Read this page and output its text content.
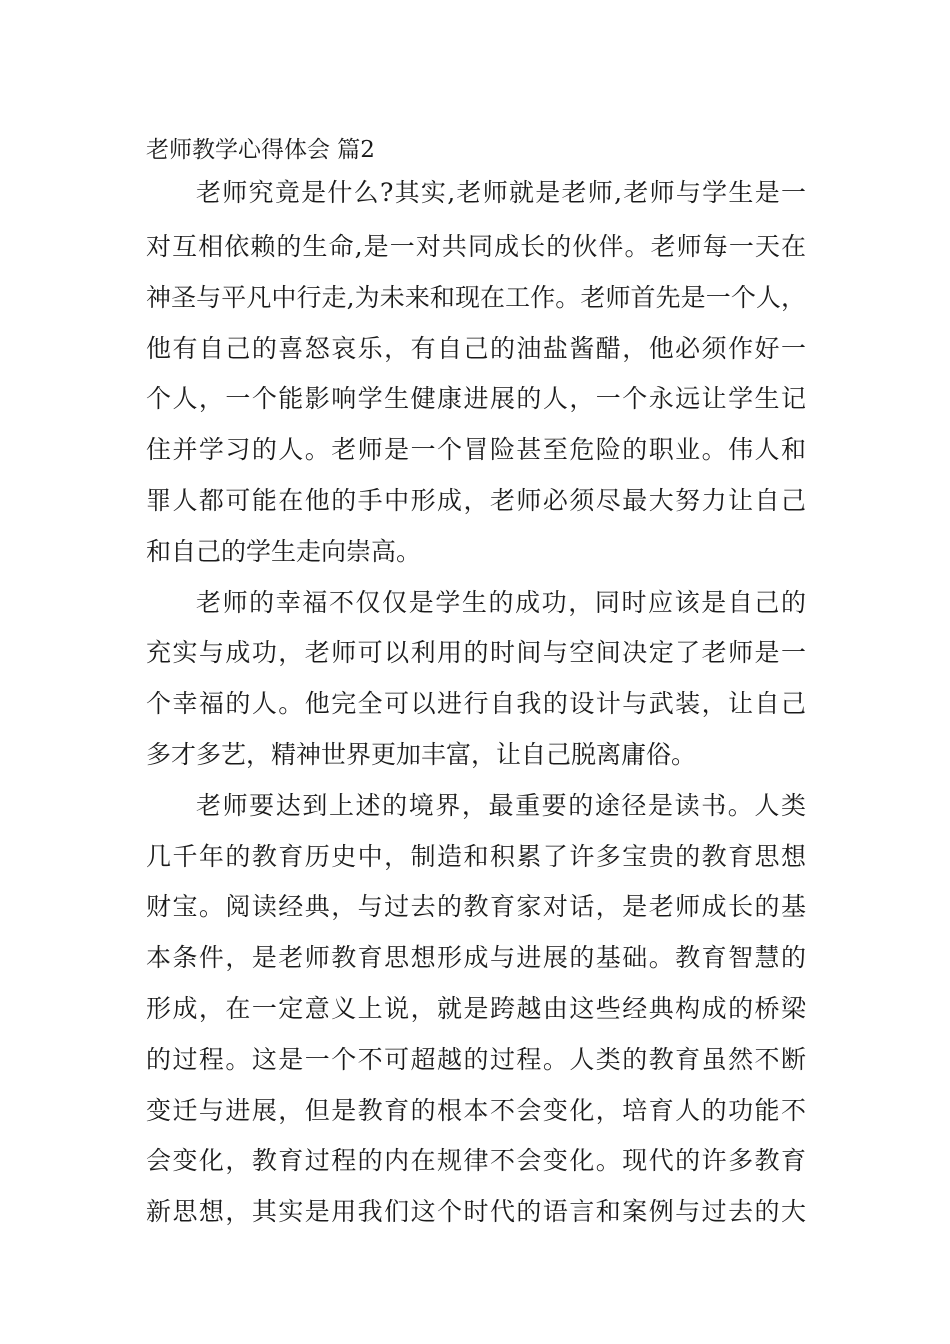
老师教学心得体会 篇2
老师究竟是什么?其实,老师就是老师,老师与学生是一
对互相依赖的生命,是一对共同成长的伙伴。老师每一天在
神圣与平凡中行走,为未来和现在工作。老师首先是一个人，
他有自己的喜怒哀乐，有自己的油盐酱醋，他必须作好一
个人，一个能影响学生健康进展的人，一个永远让学生记
住并学习的人。老师是一个冒险甚至危险的职业。伟人和
罪人都可能在他的手中形成，老师必须尽最大努力让自己
和自己的学生走向崇高。
老师的幸福不仅仅是学生的成功，同时应该是自己的
充实与成功，老师可以利用的时间与空间决定了老师是一
个幸福的人。他完全可以进行自我的设计与武装，让自己
多才多艺，精神世界更加丰富，让自己脱离庸俗。
老师要达到上述的境界，最重要的途径是读书。人类
几千年的教育历史中，制造和积累了许多宝贵的教育思想
财宝。阅读经典，与过去的教育家对话，是老师成长的基
本条件，是老师教育思想形成与进展的基础。教育智慧的
形成，在一定意义上说，就是跨越由这些经典构成的桥梁
的过程。这是一个不可超越的过程。人类的教育虽然不断
变迁与进展，但是教育的根本不会变化，培育人的功能不
会变化，教育过程的内在规律不会变化。现代的许多教育
新思想，其实是用我们这个时代的语言和案例与过去的大
